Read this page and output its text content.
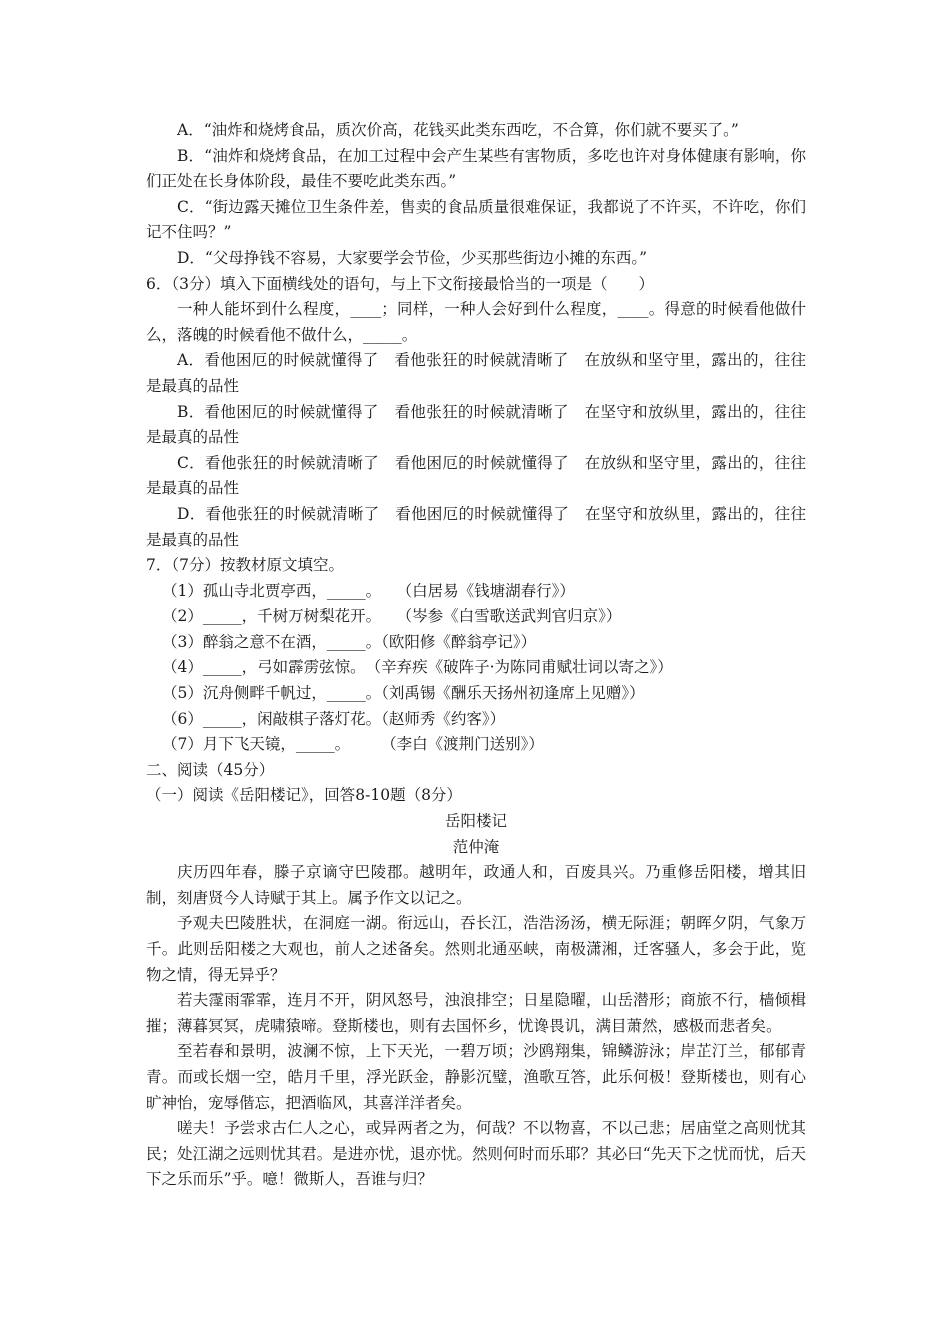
A．“油炸和烧烤食品，质次价高，花钱买此类东西吃，不合算，你们就不要买了。”
B．“油炸和烧烤食品，在加工过程中会产生某些有害物质，多吃也许对身体健康有影响，你们正处在长身体阶段，最佳不要吃此类东西。”
C．“街边露天摊位卫生条件差，售卖的食品质量很难保证，我都说了不许买，不许吃，你们记不住吗？”
D．“父母挣钱不容易，大家要学会节俭，少买那些街边小摊的东西。”
6．（3分）填入下面横线处的语句，与上下文衔接最恰当的一项是（　　）
一种人能坏到什么程度，____；同样，一种人会好到什么程度，____。得意的时候看他做什么，落魄的时候看他不做什么，_____。
A．看他困厄的时候就懂得了　看他张狂的时候就清晰了　在放纵和坚守里，露出的，往往是最真的品性
B．看他困厄的时候就懂得了　看他张狂的时候就清晰了　在坚守和放纵里，露出的，往往是最真的品性
C．看他张狂的时候就清晰了　看他困厄的时候就懂得了　在放纵和坚守里，露出的，往往是最真的品性
D．看他张狂的时候就清晰了　看他困厄的时候就懂得了　在坚守和放纵里，露出的，往往是最真的品性
7．（7分）按教材原文填空。
（1）孤山寺北贾亭西，_____。　　（白居易《钱塘湖春行》）
（2）_____，千树万树梨花开。　　（岑参《白雪歌送武判官归京》）
（3）醉翁之意不在酒，_____。（欧阳修《醉翁亭记》）
（4）_____，弓如霹雳弦惊。　（辛弃疾《破阵子·为陈同甫赋壮词以寄之》）
（5）沉舟侧畔千帆过，_____。（刘禹锡《酬乐天扬州初逢席上见赠》）
（6）_____，闲敲棋子落灯花。（赵师秀《约客》）
（7）月下飞天镜，_____。　　　（李白《渡荆门送别》）
二、阅读（45分）
（一）阅读《岳阳楼记》，回答8-10题（8分）
岳阳楼记
范仲淹
庆历四年春，滕子京谪守巴陵郡。越明年，政通人和，百废具兴。乃重修岳阳楼，增其旧制，刻唐贤今人诗赋于其上。属予作文以记之。
予观夫巴陵胜状，在洞庭一湖。衔远山，吞长江，浩浩汤汤，横无际涯；朝晖夕阴，气象万千。此则岳阳楼之大观也，前人之述备矣。然则北通巫峡，南极潇湘，迁客骚人，多会于此，览物之情，得无异乎？
若夫霪雨霏霏，连月不开，阴风怒号，浊浪排空；日星隐曜，山岳潜形；商旅不行，樯倾楫摧；薄暮冥冥，虎啸猿啼。登斯楼也，则有去国怀乡，忧谗畏讥，满目萧然，感极而悲者矣。
至若春和景明，波澜不惊，上下天光，一碧万顷；沙鸥翔集，锦鳞游泳；岸芷汀兰，郁郁青青。而或长烟一空，皓月千里，浮光跃金，静影沉璧，渔歌互答，此乐何极！登斯楼也，则有心旷神怡，宠辱偕忘，把酒临风，其喜洋洋者矣。
嗟夫！予尝求古仁人之心，或异两者之为，何哉？不以物喜，不以己悲；居庙堂之高则忧其民；处江湖之远则忧其君。是进亦忧，退亦忧。然则何时而乐耶？其必曰“先天下之忧而忧，后天下之乐而乐”乎。噫！微斯人，吾谁与归？
